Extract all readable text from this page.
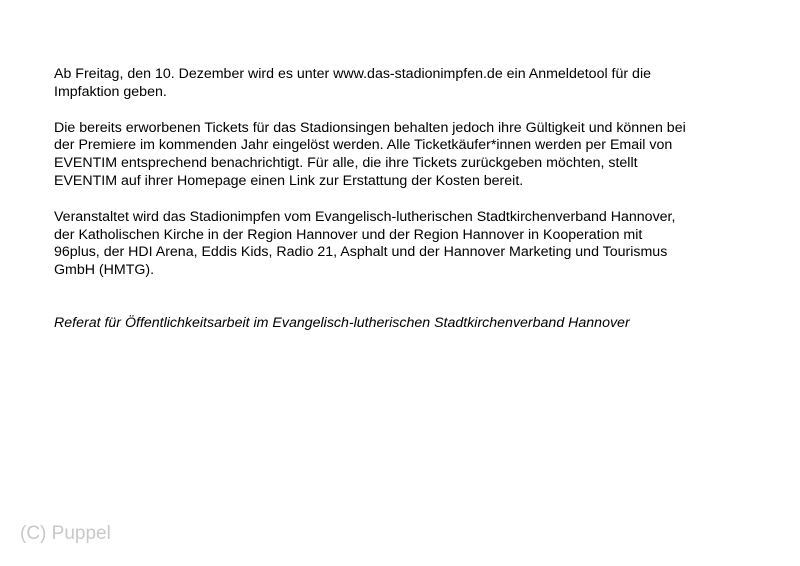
Ab Freitag, den 10. Dezember wird es unter www.das-stadionimpfen.de ein Anmeldetool für die
Impfaktion geben.

Die bereits erworbenen Tickets für das Stadionsingen behalten jedoch ihre Gültigkeit und können bei
der Premiere im kommenden Jahr eingelöst werden. Alle Ticketkäufer*innen werden per Email von
EVENTIM entsprechend benachrichtigt. Für alle, die ihre Tickets zurückgeben möchten, stellt
EVENTIM auf ihrer Homepage einen Link zur Erstattung der Kosten bereit.

Veranstaltet wird das Stadionimpfen vom Evangelisch-lutherischen Stadtkirchenverband Hannover,
der Katholischen Kirche in der Region Hannover und der Region Hannover in Kooperation mit
96plus, der HDI Arena, Eddis Kids, Radio 21, Asphalt und der Hannover Marketing und Tourismus
GmbH (HMTG).

Referat für Öffentlichkeitsarbeit im Evangelisch-lutherischen Stadtkirchenverband Hannover

(C) Puppel
